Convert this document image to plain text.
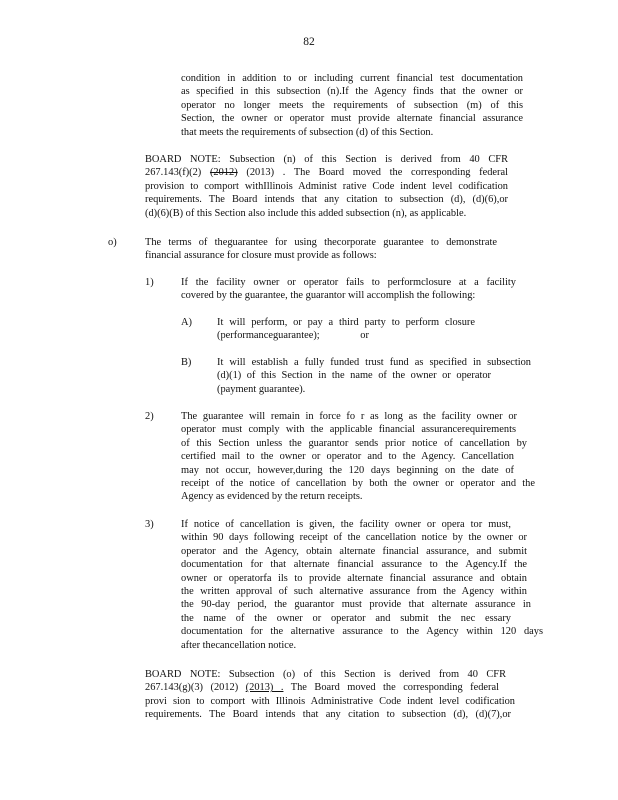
82
condition in addition to or including current financial test documentation
as specified in this subsection (n).If the Agency finds that the owner or
operator no longer meets the requirements of subsection (m) of this
Section, the owner or operator must provide alternate financial assurance
that meets the requirements of subsection (d) of this Section.
BOARD NOTE: Subsection (n) of this Section is derived from 40 CFR
267.143(f)(2) (2012) (2013) . The Board moved the corresponding federal
provision to comport withIllinois Administ rative Code indent level codification
requirements. The Board intends that any citation to subsection (d), (d)(6),or
(d)(6)(B) of this Section also include this added subsection (n), as applicable.
o)	The terms of theguarantee for using thecorporate guarantee to demonstrate
financial assurance for closure must provide as follows:
1)	If the facility owner or operator fails to performclosure at a facility
covered by the guarantee, the guarantor will accomplish the following:
A) It will perform, or pay a third party to perform closure
(performanceguarantee); or
B) It will establish a fully funded trust fund as specified in subsection
(d)(1) of this Section in the name of the owner or operator
(payment guarantee).
2)	The guarantee will remain in force fo r as long as the facility owner or
operator must comply with the applicable financial assurancerequirements
of this Section unless the guarantor sends prior notice of cancellation by
certified mail to the owner or operator and to the Agency. Cancellation
may not occur, however,during the 120 days beginning on the date of
receipt of the notice of cancellation by both the owner or operator and the
Agency as evidenced by the return receipts.
3)	If notice of cancellation is given, the facility owner or opera tor must,
within 90 days following receipt of the cancellation notice by the owner or
operator and the Agency, obtain alternate financial assurance, and submit
documentation for that alternate financial assurance to the Agency.If the
owner or operatorfa ils to provide alternate financial assurance and obtain
the written approval of such alternative assurance from the Agency within
the 90-day period, the guarantor must provide that alternate assurance in
the name of the owner or operator and submit the nec essary
documentation for the alternative assurance to the Agency within 120 days
after thecancellation notice.
BOARD NOTE: Subsection (o) of this Section is derived from 40 CFR
267.143(g)(3) (2012) (2013) . The Board moved the corresponding federal
provi sion to comport with Illinois Administrative Code indent level codification
requirements. The Board intends that any citation to subsection (d), (d)(7),or
